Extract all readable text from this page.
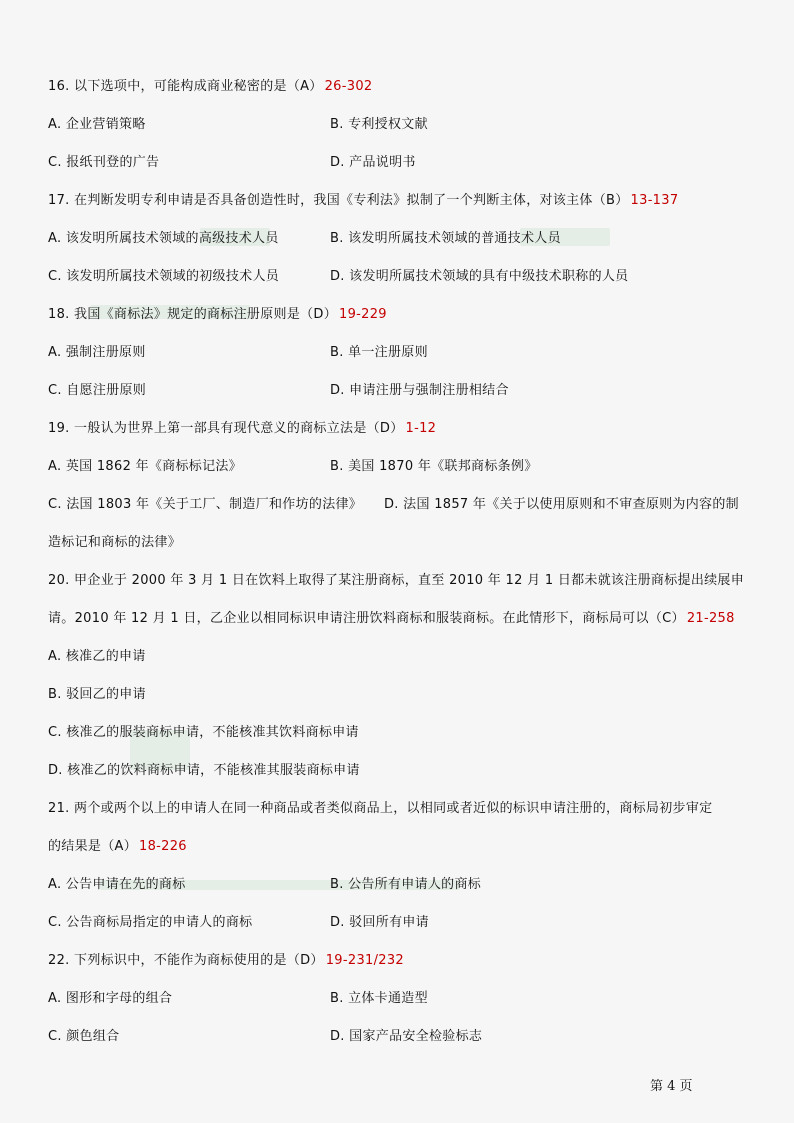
16. 以下选项中，可能构成商业秘密的是（A） 26-302
A. 企业营销策略	B. 专利授权文献
C. 报纸刊登的广告	D. 产品说明书
17. 在判断发明专利申请是否具备创造性时，我国《专利法》拟制了一个判断主体，对该主体（B） 13-137
A. 该发明所属技术领域的高级技术人员	B. 该发明所属技术领域的普通技术人员
C. 该发明所属技术领域的初级技术人员	D. 该发明所属技术领域的具有中级技术职称的人员
18. 我国《商标法》规定的商标注册原则是（D） 19-229
A. 强制注册原则	B. 单一注册原则
C. 自愿注册原则	D. 申请注册与强制注册相结合
19. 一般认为世界上第一部具有现代意义的商标立法是（D） 1-12
A. 英国 1862 年《商标标记法》	B. 美国 1870 年《联邦商标条例》
C. 法国 1803 年《关于工厂、制造厂和作坊的法律》 D. 法国 1857 年《关于以使用原则和不审查原则为内容的制
造标记和商标的法律》
20. 甲企业于 2000 年 3 月 1 日在饮料上取得了某注册商标，直至 2010 年 12 月 1 日都未就该注册商标提出续展申
请。2010 年 12 月 1 日，乙企业以相同标识申请注册饮料商标和服装商标。在此情形下，商标局可以（C） 21-258
A. 核准乙的申请
B. 驳回乙的申请
C. 核准乙的服装商标申请，不能核准其饮料商标申请
D. 核准乙的饮料商标申请，不能核准其服装商标申请
21. 两个或两个以上的申请人在同一种商品或者类似商品上，以相同或者近似的标识申请注册的，商标局初步审定
的结果是（A） 18-226
A. 公告申请在先的商标	B. 公告所有申请人的商标
C. 公告商标局指定的申请人的商标	D. 驳回所有申请
22. 下列标识中，不能作为商标使用的是（D） 19-231/232
A. 图形和字母的组合	B. 立体卡通造型
C. 颜色组合	D. 国家产品安全检验标志
第 4 页
